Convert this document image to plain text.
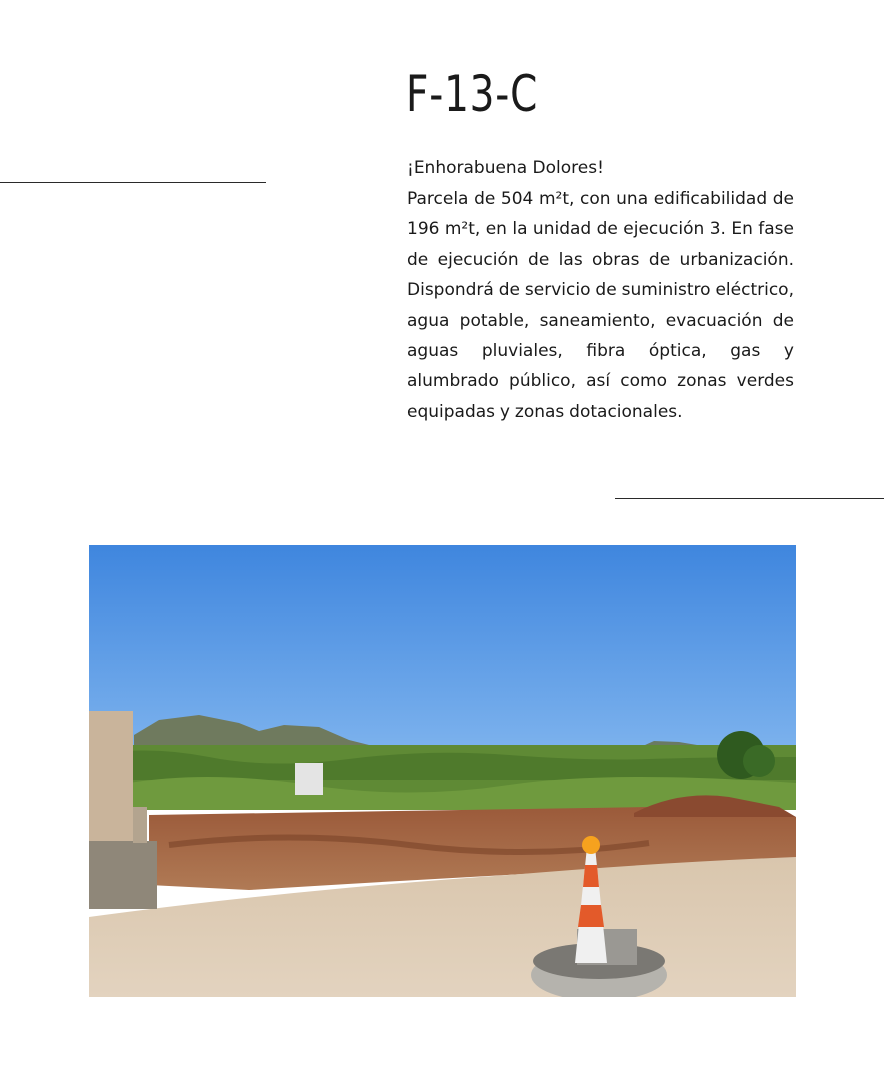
F-13-C

¡Enhorabuena Dolores!

Parcela de 504 m²t, con una edificabilidad de 196 m²t, en la unidad de ejecución 3. En fase de ejecución de las obras de urbanización. Dispondrá de servicio de suministro eléctrico, agua potable, saneamiento, evacuación de aguas pluviales, fibra óptica, gas y alumbrado público, así como zonas verdes equipadas y zonas dotacionales.
